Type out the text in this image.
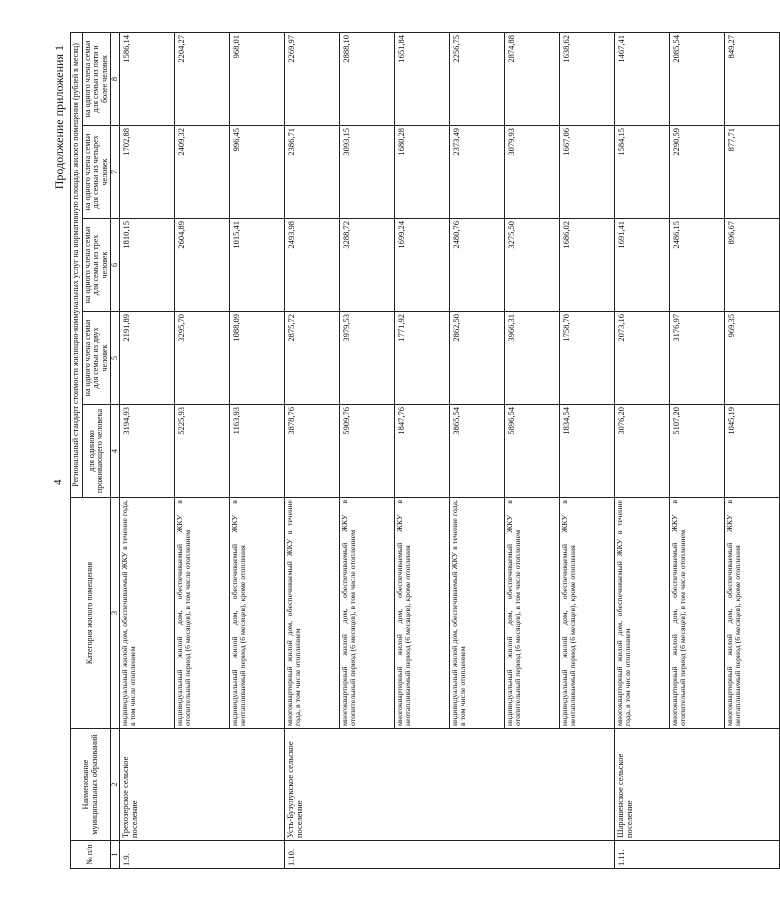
4
Продолжение приложения 1
№ п/п	Наименование муниципальных образований	Категория жилого помещения	Региональный стандарт стоимости жилищно-коммунальных услуг на нормативную площадь жилого помещения (рублей в месяц)				
			для одиноко проживающего человека	на одного члена семьи для семьи из двух человек	на одного члена семьи для семьи из трех человек	на одного члена семьи для семьи из четырех человек	на одного члена семьи для семьи из пяти и более человек
1	2	3	4	5	6	7	8
1.9.	Трехозерское сельское поселение	индивидуальный жилой дом, обеспечиваемый ЖКУ в течение года, в том числе отоплением	3194,93	2191,89	1810,15	1702,88	1586,14
		индивидуальный жилой дом, обеспечиваемый ЖКУ в отопительный период (6 месяцев), в том числе отоплением	5225,93	3295,70	2604,89	2409,32	2204,27
		индивидуальный жилой дом, обеспечиваемый ЖКУ в неотапливаемый период (6 месяцев), кроме отопления	1163,93	1088,09	1015,41	996,45	968,01
1.10.	Усть-Бузулукское сельское поселение	многоквартирный жилой дом, обеспечиваемый ЖКУ в течение года, в том числе отоплением	3878,76	2875,72	2493,98	2386,71	2269,97
		многоквартирный жилой дом, обеспечиваемый ЖКУ в отопительный период (6 месяцев), в том числе отоплением	5909,76	3979,53	3288,72	3093,15	2888,10
		многоквартирный жилой дом, обеспечиваемый ЖКУ в неотапливаемый период (6 месяцев), кроме отопления	1847,76	1771,92	1699,24	1680,28	1651,84
		индивидуальный жилой дом, обеспечиваемый ЖКУ в течение года, в том числе отоплением	3865,54	2862,50	2480,76	2373,49	2256,75
		индивидуальный жилой дом, обеспечиваемый ЖКУ в отопительный период (6 месяцев), в том числе отоплением	5896,54	3966,31	3275,50	3079,93	2874,88
		индивидуальный жилой дом, обеспечиваемый ЖКУ в неотапливаемый период (6 месяцев), кроме отопления	1834,54	1758,70	1686,02	1667,06	1638,62
1.11.	Шарашенское сельское поселение	многоквартирный жилой дом, обеспечиваемый ЖКУ в течение года, в том числе отоплением	3076,20	2073,16	1691,41	1584,15	1467,41
		многоквартирный жилой дом, обеспечиваемый ЖКУ в отопительный период (6 месяцев), в том числе отоплением	5107,20	3176,97	2486,15	2290,59	2085,54
		многоквартирный жилой дом, обеспечиваемый ЖКУ в неотапливаемый период (6 месяцев), кроме отопления	1045,19	969,35	896,67	877,71	849,27
